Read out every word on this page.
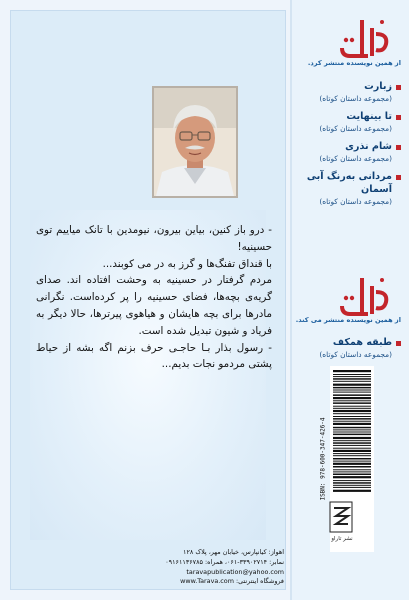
- درو باز کنین، بیاین بیرون، نیومدین با تانک میاییم توی حسینیه!

با قنداق تفنگ‌ها و گرز به در می کوبند...

مردم گرفتار در حسینیه به وحشت افتاده اند. صدای گریه‌ی بچه‌ها، فضای حسینیه را پر کرده‌است. نگرانی مادرها برای بچه هایشان و هیاهوی پیرترها، حالا دیگر به فریاد و شیون تبدیل شده است.

- رسول بذار بـا حاجـی حرف بزنم اگه بشه از حیاط پشتی مردمو نجات بدیم...

از همین نویسنده منتشر کرد.
زبارت
(مجموعه داستان کوتاه)
تا بینهایت
(مجموعه داستان کوتاه)
شام نذری
(مجموعه داستان کوتاه)
مردانی به‌رنگ آبی آسمان
(مجموعه داستان کوتاه)
از همین نویسنده منتشر می کند.
طبقه همکف
(مجموعه داستان کوتاه)
ISBN: 978-600-347-426-4
نشر تاراو
اهواز: کیانپارس، خیابان مهر، پلاک ۱۲۸
نمابر: ۳۳۹۰۲۷۱۴-۰۶۱، همراه: ۰۹۱۶۱۱۳۶۷۸۵
taravapublication@yahoo.com
فروشگاه اینترنتی: www.Tarava.com
